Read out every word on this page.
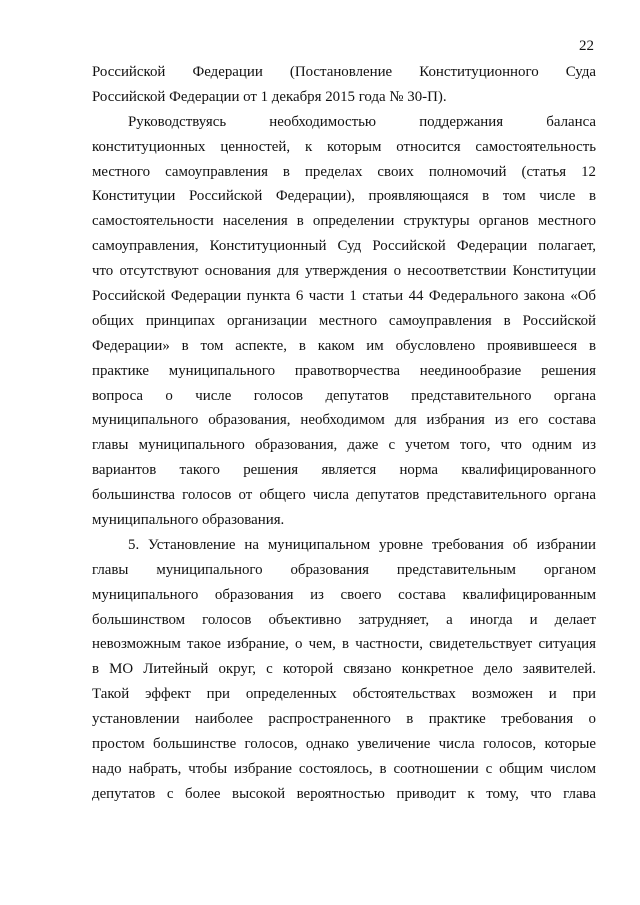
22
Российской Федерации (Постановление Конституционного Суда
Российской Федерации от 1 декабря 2015 года № 30-П).
Руководствуясь необходимостью поддержания баланса
конституционных ценностей, к которым относится самостоятельность
местного самоуправления в пределах своих полномочий (статья 12
Конституции Российской Федерации), проявляющаяся в том числе в
самостоятельности населения в определении структуры органов местного
самоуправления, Конституционный Суд Российской Федерации полагает,
что отсутствуют основания для утверждения о несоответствии Конституции
Российской Федерации пункта 6 части 1 статьи 44 Федерального закона «Об
общих принципах организации местного самоуправления в Российской
Федерации» в том аспекте, в каком им обусловлено проявившееся в
практике муниципального правотворчества неединообразие решения
вопроса о числе голосов депутатов представительного органа
муниципального образования, необходимом для избрания из его состава
главы муниципального образования, даже с учетом того, что одним из
вариантов такого решения является норма квалифицированного
большинства голосов от общего числа депутатов представительного органа
муниципального образования.
5. Установление на муниципальном уровне требования об избрании
главы муниципального образования представительным органом
муниципального образования из своего состава квалифицированным
большинством голосов объективно затрудняет, а иногда и делает
невозможным такое избрание, о чем, в частности, свидетельствует ситуация
в МО Литейный округ, с которой связано конкретное дело заявителей.
Такой эффект при определенных обстоятельствах возможен и при
установлении наиболее распространенного в практике требования о
простом большинстве голосов, однако увеличение числа голосов, которые
надо набрать, чтобы избрание состоялось, в соотношении с общим числом
депутатов с более высокой вероятностью приводит к тому, что глава
